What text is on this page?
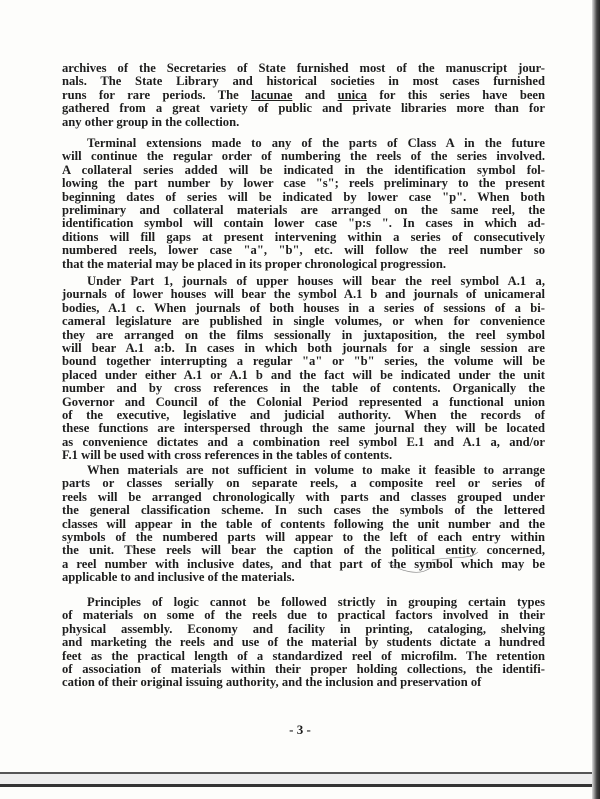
archives of the Secretaries of State furnished most of the manuscript jour-
nals. The State Library and historical societies in most cases furnished
runs for rare periods. The lacunae and unica for this series have been
gathered from a great variety of public and private libraries more than for
any other group in the collection.
Terminal extensions made to any of the parts of Class A in the future
will continue the regular order of numbering the reels of the series involved.
A collateral series added will be indicated in the identification symbol fol-
lowing the part number by lower case "s"; reels preliminary to the present
beginning dates of series will be indicated by lower case "p". When both
preliminary and collateral materials are arranged on the same reel, the
identification symbol will contain lower case "p:s ". In cases in which ad-
ditions will fill gaps at present intervening within a series of consecutively
numbered reels, lower case "a", "b", etc. will follow the reel number so
that the material may be placed in its proper chronological progression.
Under Part 1, journals of upper houses will bear the reel symbol A.1 a,
journals of lower houses will bear the symbol A.1 b and journals of unicameral
bodies, A.1 c. When journals of both houses in a series of sessions of a bi-
cameral legislature are published in single volumes, or when for convenience
they are arranged on the films sessionally in juxtaposition, the reel symbol
will bear A.1 a:b. In cases in which both journals for a single session are
bound together interrupting a regular "a" or "b" series, the volume will be
placed under either A.1 or A.1 b and the fact will be indicated under the unit
number and by cross references in the table of contents. Organically the
Governor and Council of the Colonial Period represented a functional union
of the executive, legislative and judicial authority. When the records of
these functions are interspersed through the same journal they will be located
as convenience dictates and a combination reel symbol E.1 and A.1 a, and/or
F.1 will be used with cross references in the tables of contents.
When materials are not sufficient in volume to make it feasible to arrange
parts or classes serially on separate reels, a composite reel or series of
reels will be arranged chronologically with parts and classes grouped under
the general classification scheme. In such cases the symbols of the lettered
classes will appear in the table of contents following the unit number and the
symbols of the numbered parts will appear to the left of each entry within
the unit. These reels will bear the caption of the political entity concerned,
a reel number with inclusive dates, and that part of the symbol which may be
applicable to and inclusive of the materials.
Principles of logic cannot be followed strictly in grouping certain types
of materials on some of the reels due to practical factors involved in their
physical assembly. Economy and facility in printing, cataloging, shelving
and marketing the reels and use of the material by students dictate a hundred
feet as the practical length of a standardized reel of microfilm. The retention
of association of materials within their proper holding collections, the identifi-
cation of their original issuing authority, and the inclusion and preservation of
- 3 -
